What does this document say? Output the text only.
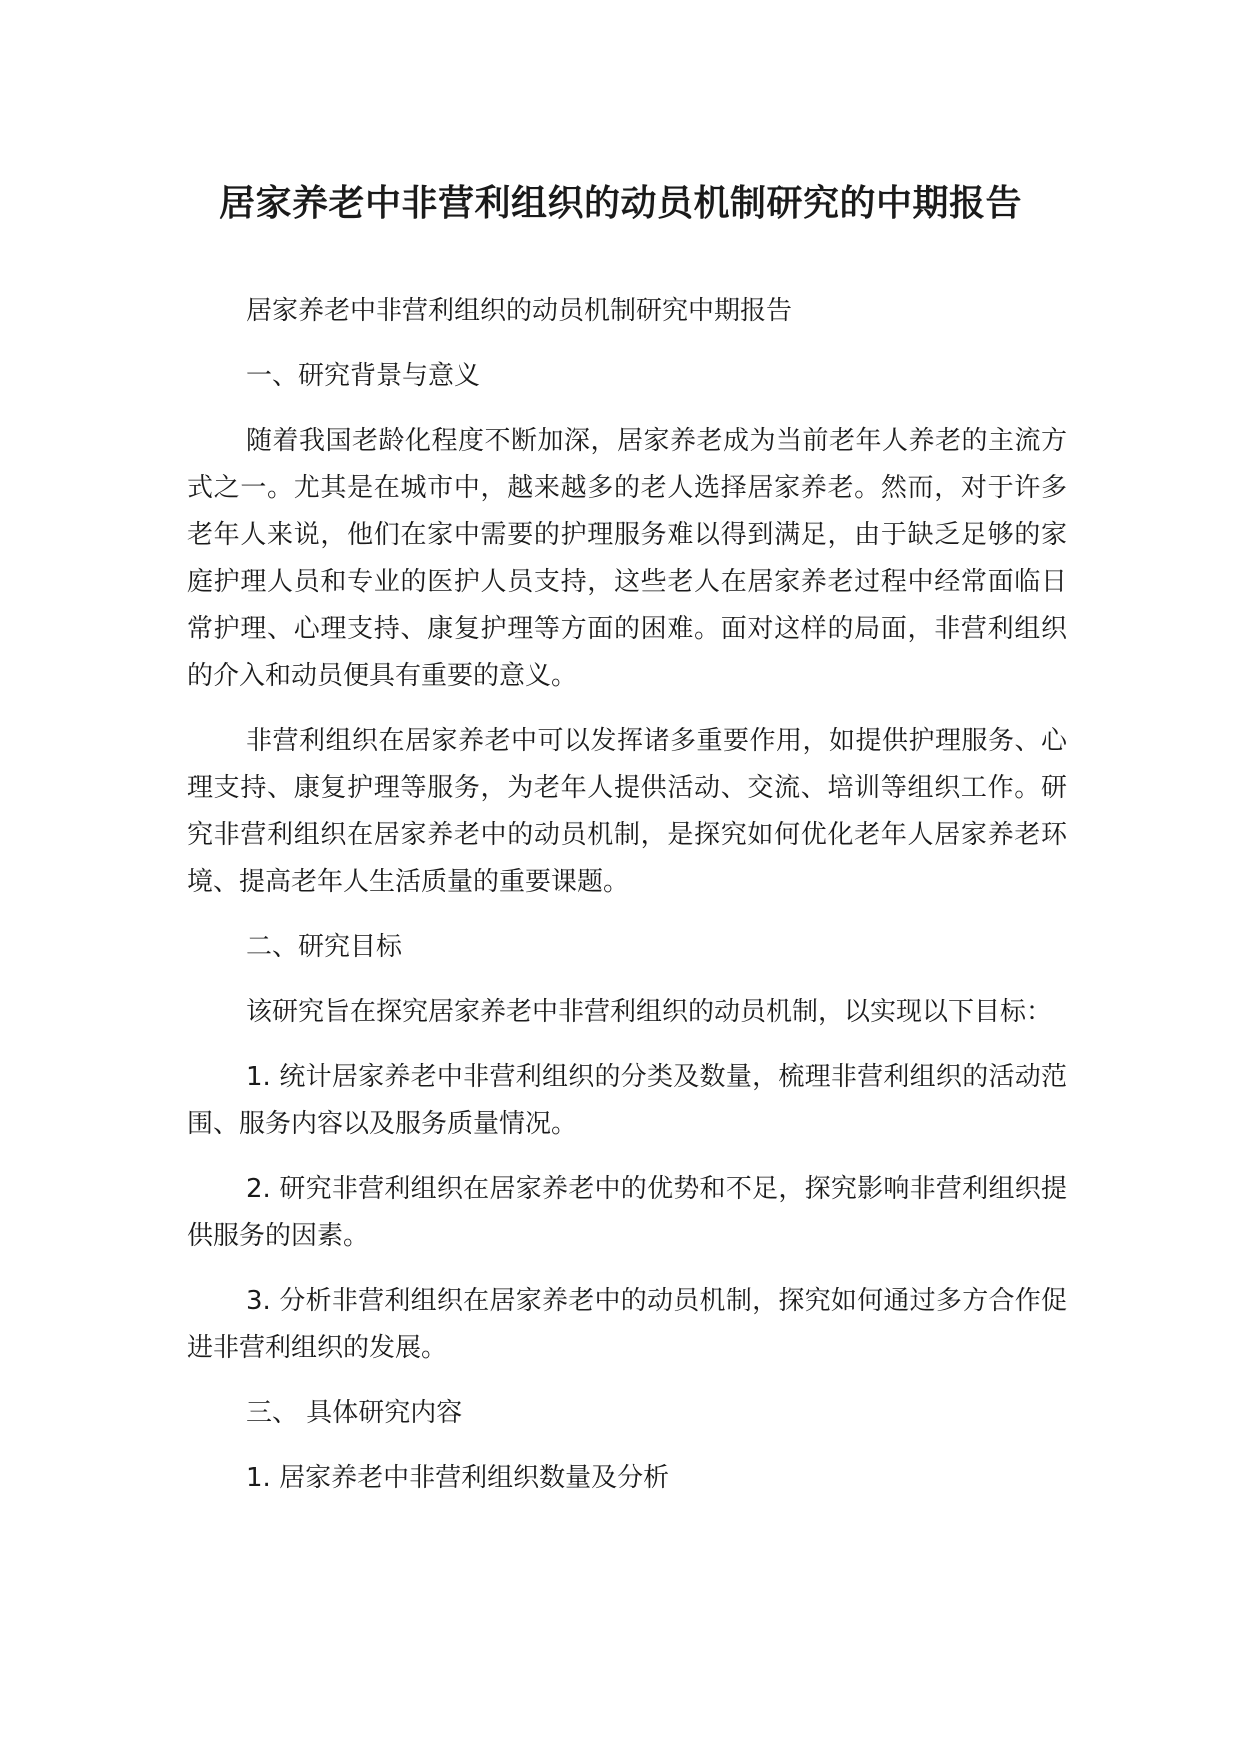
居家养老中非营利组织的动员机制研究的中期报告

居家养老中非营利组织的动员机制研究中期报告

一、研究背景与意义

随着我国老龄化程度不断加深，居家养老成为当前老年人养老的主流方式之一。尤其是在城市中，越来越多的老人选择居家养老。然而，对于许多老年人来说，他们在家中需要的护理服务难以得到满足，由于缺乏足够的家庭护理人员和专业的医护人员支持，这些老人在居家养老过程中经常面临日常护理、心理支持、康复护理等方面的困难。面对这样的局面，非营利组织的介入和动员便具有重要的意义。

非营利组织在居家养老中可以发挥诸多重要作用，如提供护理服务、心理支持、康复护理等服务，为老年人提供活动、交流、培训等组织工作。研究非营利组织在居家养老中的动员机制，是探究如何优化老年人居家养老环境、提高老年人生活质量的重要课题。

二、研究目标

该研究旨在探究居家养老中非营利组织的动员机制，以实现以下目标：

1. 统计居家养老中非营利组织的分类及数量，梳理非营利组织的活动范围、服务内容以及服务质量情况。

2. 研究非营利组织在居家养老中的优势和不足，探究影响非营利组织提供服务的因素。

3. 分析非营利组织在居家养老中的动员机制，探究如何通过多方合作促进非营利组织的发展。

三、 具体研究内容

1. 居家养老中非营利组织数量及分析
